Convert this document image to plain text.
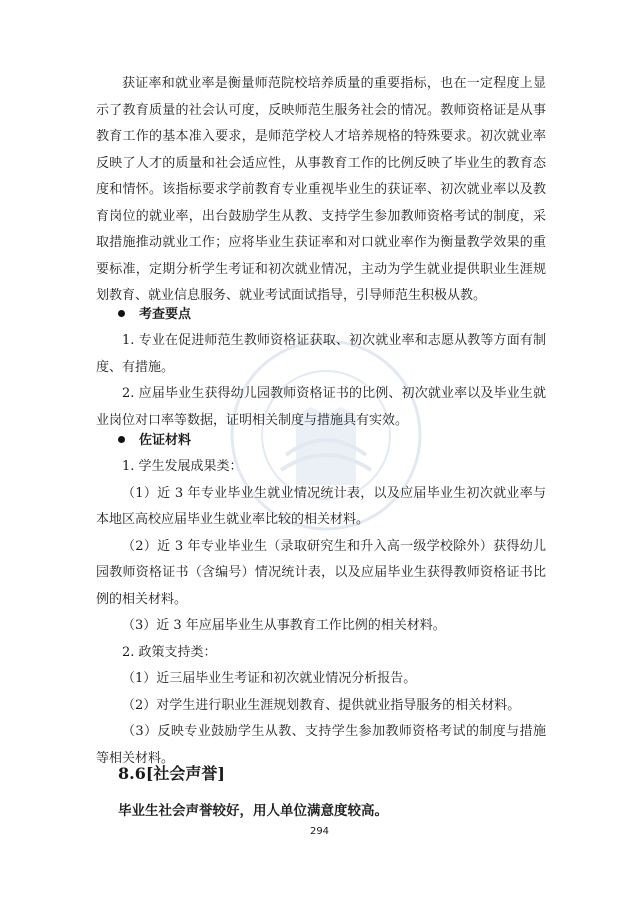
获证率和就业率是衡量师范院校培养质量的重要指标，也在一定程度上显示了教育质量的社会认可度，反映师范生服务社会的情况。教师资格证是从事教育工作的基本准入要求，是师范学校人才培养规格的特殊要求。初次就业率反映了人才的质量和社会适应性，从事教育工作的比例反映了毕业生的教育态度和情怀。该指标要求学前教育专业重视毕业生的获证率、初次就业率以及教育岗位的就业率，出台鼓励学生从教、支持学生参加教师资格考试的制度，采取措施推动就业工作；应将毕业生获证率和对口就业率作为衡量教学效果的重要标准，定期分析学生考证和初次就业情况，主动为学生就业提供职业生涯规划教育、就业信息服务、就业考试面试指导，引导师范生积极从教。

考查要点

1. 专业在促进师范生教师资格证获取、初次就业率和志愿从教等方面有制度、有措施。

2. 应届毕业生获得幼儿园教师资格证书的比例、初次就业率以及毕业生就业岗位对口率等数据，证明相关制度与措施具有实效。

佐证材料

1. 学生发展成果类：

（1）近 3 年专业毕业生就业情况统计表，以及应届毕业生初次就业率与本地区高校应届毕业生就业率比较的相关材料。

（2）近 3 年专业毕业生（录取研究生和升入高一级学校除外）获得幼儿园教师资格证书（含编号）情况统计表，以及应届毕业生获得教师资格证书比例的相关材料。

（3）近 3 年应届毕业生从事教育工作比例的相关材料。

2. 政策支持类：

（1）近三届毕业生考证和初次就业情况分析报告。

（2）对学生进行职业生涯规划教育、提供就业指导服务的相关材料。

（3）反映专业鼓励学生从教、支持学生参加教师资格考试的制度与措施等相关材料。

8.6[社会声誉]
毕业生社会声誉较好，用人单位满意度较高。
294
